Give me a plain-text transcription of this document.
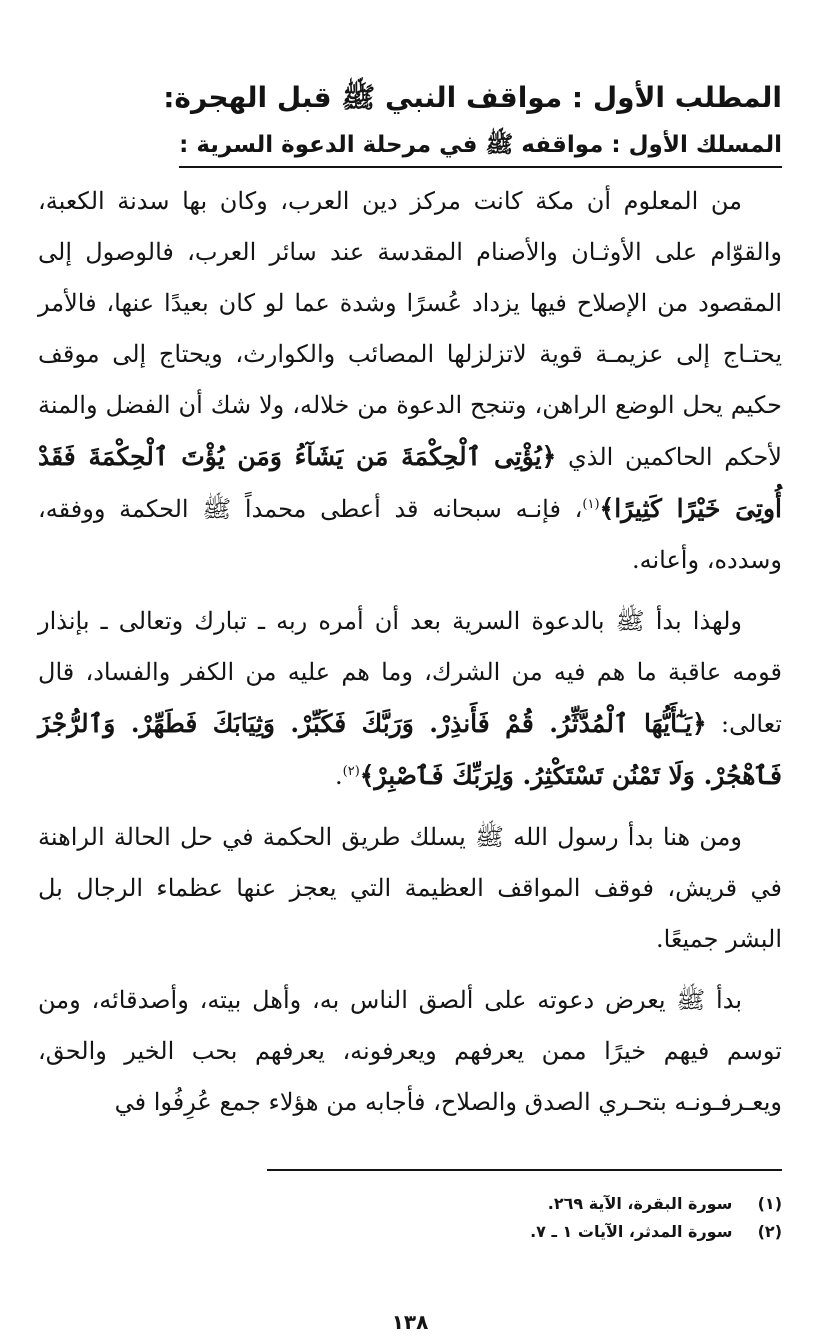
المطلب الأول : مواقف النبي ﷺ قبل الهجرة:
المسلك الأول : مواقفه ﷺ في مرحلة الدعوة السرية :

من المعلوم أن مكة كانت مركز دين العرب، وكان بها سدنة الكعبة، والقوّام على الأوثـان والأصنام المقدسة عند سائر العرب، فالوصول إلى المقصود من الإصلاح فيها يزداد عُسرًا وشدة عما لو كان بعيدًا عنها، فالأمر يحتـاج إلى عزيمـة قوية لاتزلزلها المصائب والكوارث، ويحتاج إلى موقف حكيم يحل الوضع الراهن، وتنجح الدعوة من خلاله، ولا شك أن الفضل والمنة لأحكم الحاكمين الذي ﴿يُؤْتِى ٱلْحِكْمَةَ مَن يَشَآءُ وَمَن يُؤْتَ ٱلْحِكْمَةَ فَقَدْ أُوتِىَ خَيْرًا كَثِيرًا﴾$^{(١)}$، فإنـه سبحانه قد أعطى محمداً ﷺ الحكمة ووفقه، وسدده، وأعانه.

ولهذا بدأ ﷺ بالدعوة السرية بعد أن أمره ربه ـ تبارك وتعالى ـ بإنذار قومه عاقبة ما هم فيه من الشرك، وما هم عليه من الكفر والفساد، قال تعالى: ﴿يَـٰٓأَيُّهَا ٱلْمُدَّثِّرُ. قُمْ فَأَنذِرْ. وَرَبَّكَ فَكَبِّرْ. وَثِيَابَكَ فَطَهِّرْ. وَٱلرُّجْزَ فَٱهْجُرْ. وَلَا تَمْنُن تَسْتَكْثِرُ. وَلِرَبِّكَ فَٱصْبِرْ﴾$^{(٢)}$.

ومن هنا بدأ رسول الله ﷺ يسلك طريق الحكمة في حل الحالة الراهنة في قريش، فوقف المواقف العظيمة التي يعجز عنها عظماء الرجال بل البشر جميعًا.

بدأ ﷺ يعرض دعوته على ألصق الناس به، وأهل بيته، وأصدقائه، ومن توسم فيهم خيرًا ممن يعرفهم ويعرفونه، يعرفهم بحب الخير والحق، ويعـرفـونـه بتحـري الصدق والصلاح، فأجابه من هؤلاء جمع عُرِفُوا في

(١) سورة البقرة، الآية ٢٦٩.
(٢) سورة المدثر، الآيات ١ ـ ٧.
١٣٨
